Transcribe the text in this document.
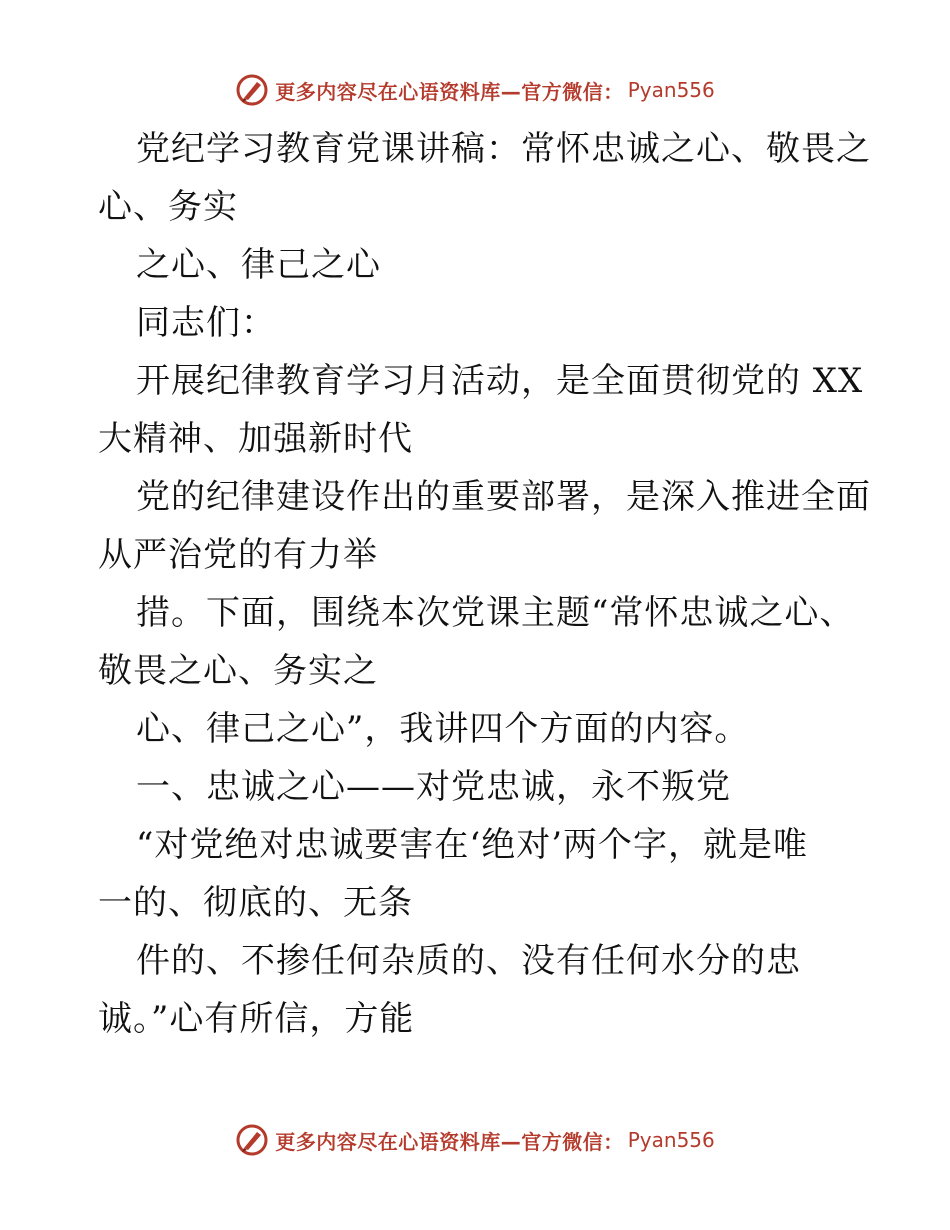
更多内容尽在心语资料库—官方微信： Pyan556
党纪学习教育党课讲稿：常怀忠诚之心、敬畏之
心、务实
之心、律己之心
同志们：
开展纪律教育学习月活动，是全面贯彻党的 XX
大精神、加强新时代
党的纪律建设作出的重要部署，是深入推进全面
从严治党的有力举
措。下面，围绕本次党课主题“常怀忠诚之心、
敬畏之心、务实之
心、律己之心”，我讲四个方面的内容。
一、忠诚之心——对党忠诚，永不叛党
“对党绝对忠诚要害在‘绝对’两个字，就是唯
一的、彻底的、无条
件的、不掺任何杂质的、没有任何水分的忠
诚。”心有所信，方能
更多内容尽在心语资料库—官方微信： Pyan556
